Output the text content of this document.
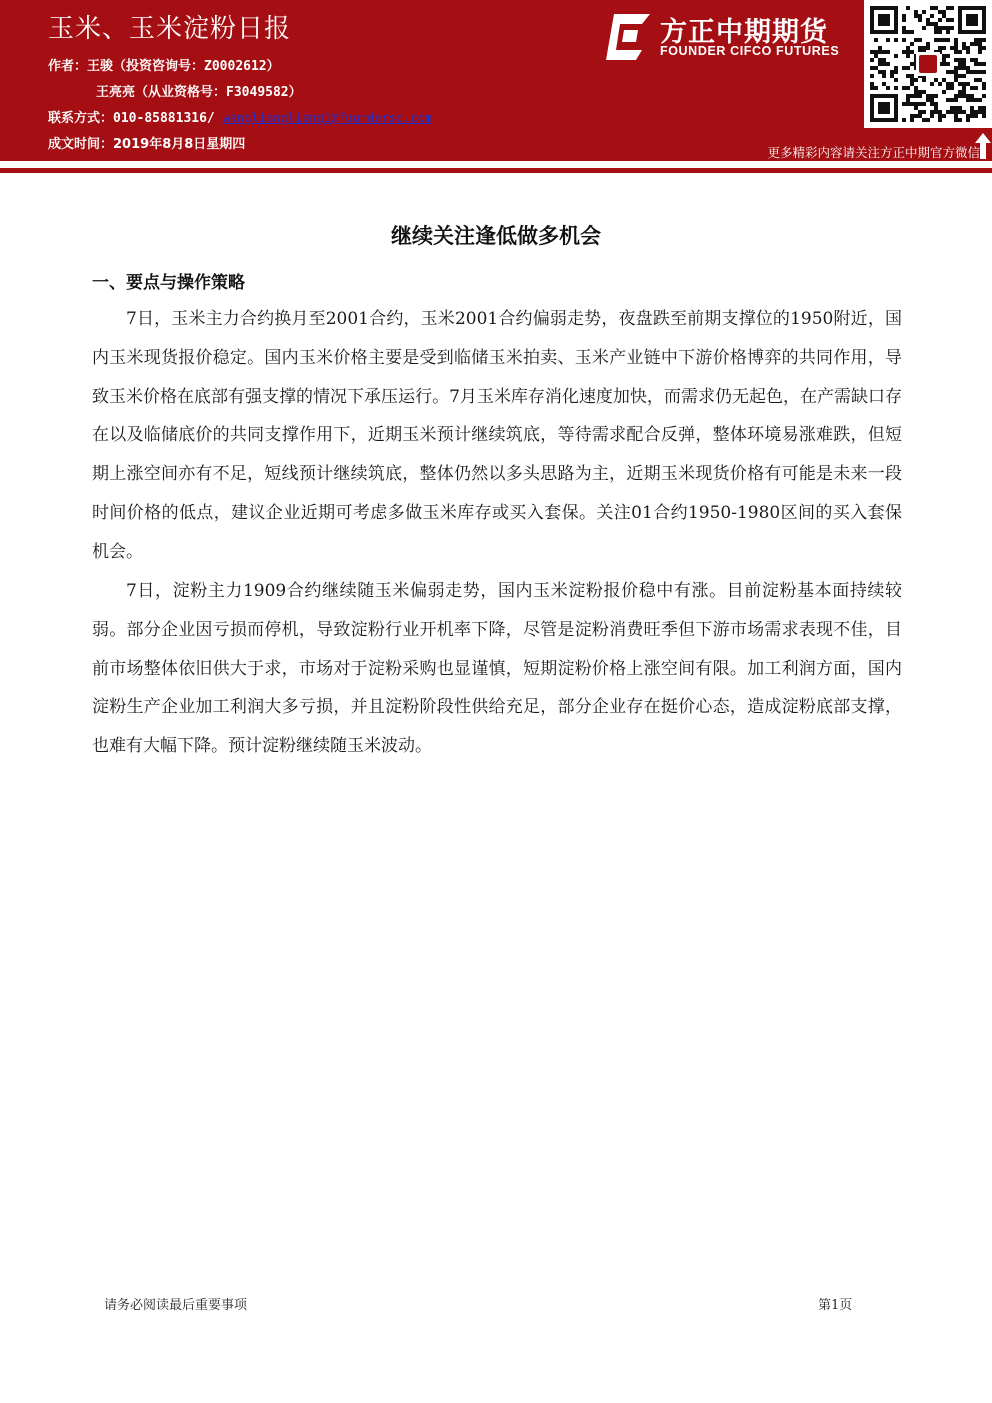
玉米、玉米淀粉日报
作者：王骏（投资咨询号：Z0002612）
王亮亮（从业资格号：F3049582）
联系方式：010-85881316/ wangliangliang1@foundersc.com
成文时间：2019年8月8日星期四
方正中期期货
FOUNDER CIFCO FUTURES
更多精彩内容请关注方正中期官方微信
继续关注逢低做多机会
一、要点与操作策略
7日，玉米主力合约换月至2001合约，玉米2001合约偏弱走势，夜盘跌至前期支撑位的1950附近，国内玉米现货报价稳定。国内玉米价格主要是受到临储玉米拍卖、玉米产业链中下游价格博弈的共同作用，导致玉米价格在底部有强支撑的情况下承压运行。7月玉米库存消化速度加快，而需求仍无起色，在产需缺口存在以及临储底价的共同支撑作用下，近期玉米预计继续筑底，等待需求配合反弹，整体环境易涨难跌，但短期上涨空间亦有不足，短线预计继续筑底，整体仍然以多头思路为主，近期玉米现货价格有可能是未来一段时间价格的低点，建议企业近期可考虑多做玉米库存或买入套保。关注01合约1950-1980区间的买入套保机会。
7日，淀粉主力1909合约继续随玉米偏弱走势，国内玉米淀粉报价稳中有涨。目前淀粉基本面持续较弱。部分企业因亏损而停机，导致淀粉行业开机率下降，尽管是淀粉消费旺季但下游市场需求表现不佳，目前市场整体依旧供大于求，市场对于淀粉采购也显谨慎，短期淀粉价格上涨空间有限。加工利润方面，国内淀粉生产企业加工利润大多亏损，并且淀粉阶段性供给充足，部分企业存在挺价心态，造成淀粉底部支撑，也难有大幅下降。预计淀粉继续随玉米波动。
请务必阅读最后重要事项	第1页
